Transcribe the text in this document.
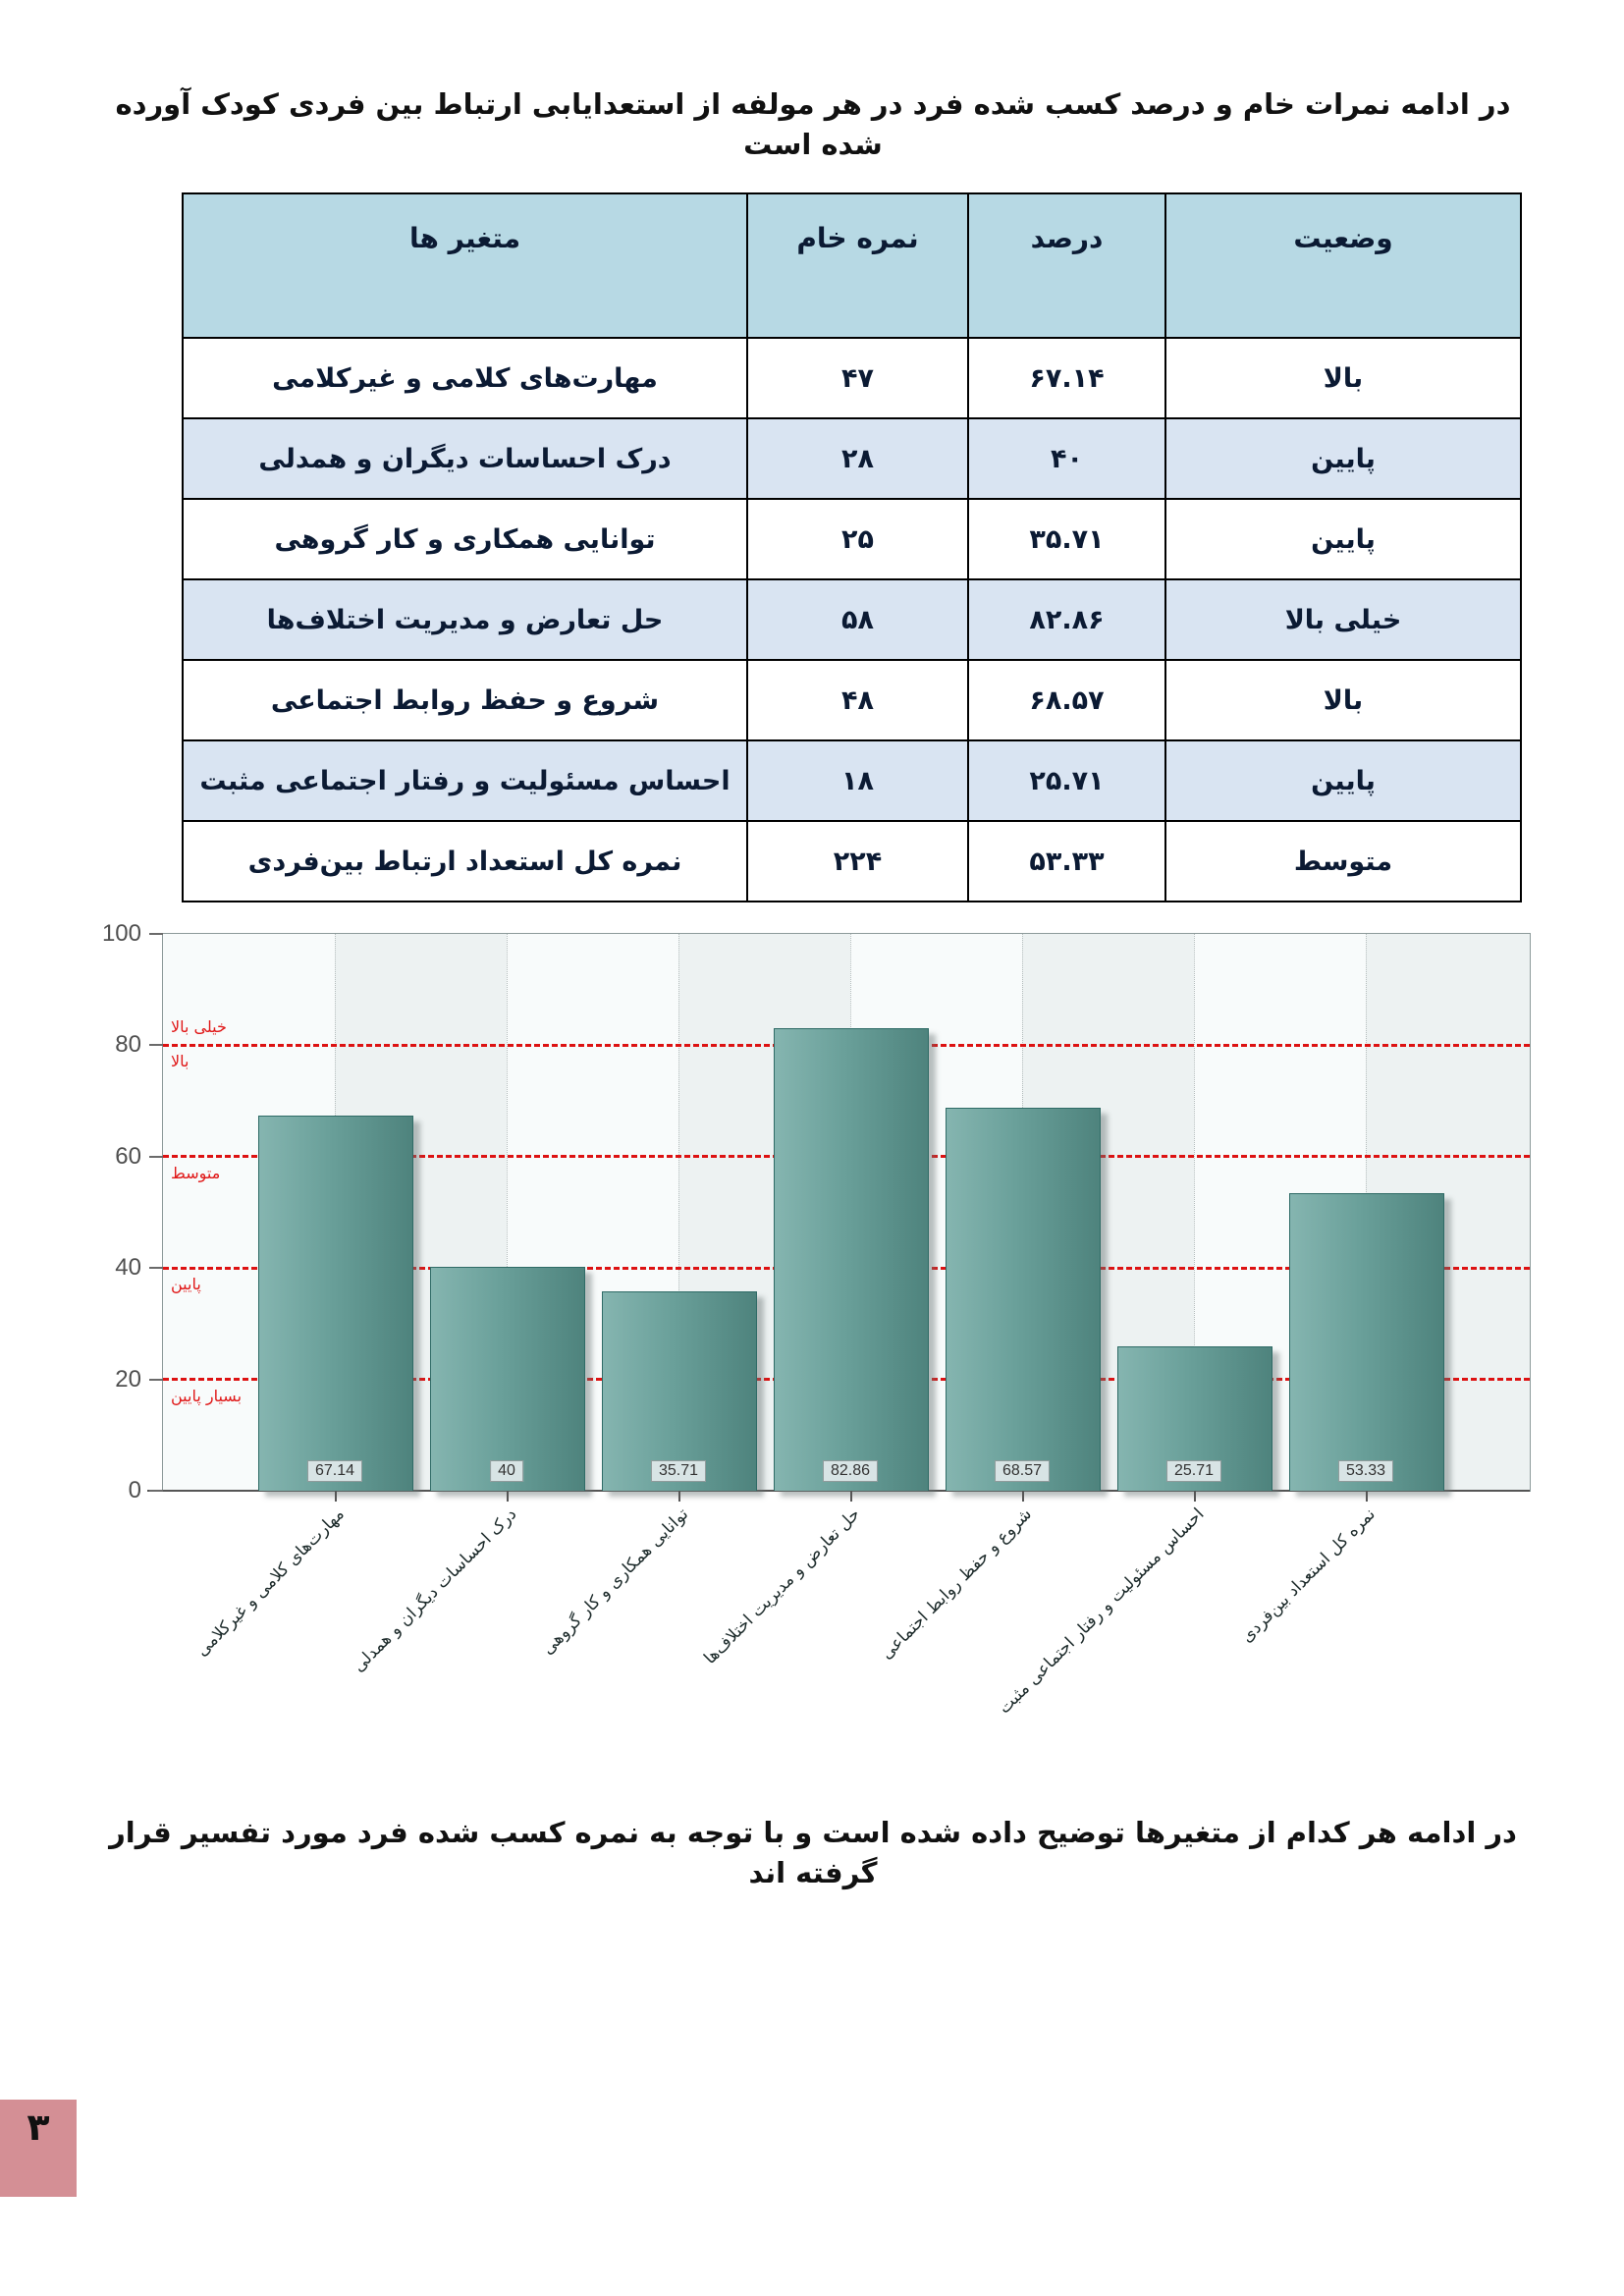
در ادامه نمرات خام و درصد کسب شده فرد در هر مولفه از استعدایابی ارتباط بین فردی کودک آورده شده است
وضعیت	درصد	نمره خام	متغیر ها
بالا	۶۷.۱۴	۴۷	مهارت‌های کلامی و غیرکلامی
پایین	۴۰	۲۸	درک احساسات دیگران و همدلی
پایین	۳۵.۷۱	۲۵	توانایی همکاری و کار گروهی
خیلی بالا	۸۲.۸۶	۵۸	حل تعارض و مدیریت اختلاف‌ها
بالا	۶۸.۵۷	۴۸	شروع و حفظ روابط اجتماعی
پایین	۲۵.۷۱	۱۸	احساس مسئولیت و رفتار اجتماعی مثبت
متوسط	۵۳.۳۳	۲۲۴	نمره کل استعداد ارتباط بین‌فردی
خیلی بالا
بالا
متوسط
پایین
بسیار پایین
67.14	40	35.71	82.86	68.57	25.71	53.33
0
20
40
60
80
100
مهارت‌های کلامی و غیرکلامی درک احساسات دیگران و همدلی توانایی همکاری و کار گروهی حل تعارض و مدیریت اختلاف‌ها شروع و حفظ روابط اجتماعی
احساس مسئولیت و رفتار اجتماعی مثبت نمره کل استعداد بین‌فردی
در ادامه هر کدام از متغیرها توضیح داده شده است و با توجه به نمره کسب شده فرد مورد تفسیر قرار گرفته اند
۳
